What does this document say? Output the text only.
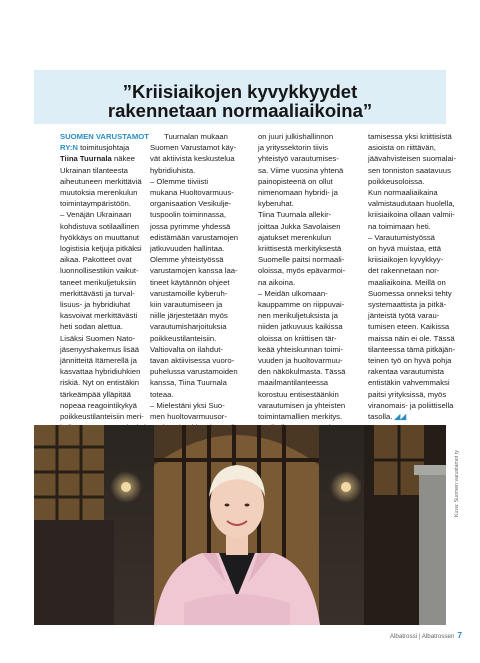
”Kriisiaikojen kyvykkyydet
rakennetaan normaaliaikoina”

SUOMEN VARUSTAMOT

RY:N toimitusjohtaja

Tiina Tuurnala näkee

Ukrainan tilanteesta

aiheutuneen merkittäviä

muutoksia merenkulun

toimintaympäristöön.

– Venäjän Ukrainaan

kohdistuva sotilaallinen

hyökkäys on muuttanut

logistisia ketjuja pitkäksi

aikaa. Pakotteet ovat

luonnollisestikin vaikut-

taneet merikuljetuksiin

merkittävästi ja turval-

lisuus- ja hybridiuhat

kasvoivat merkittävästi

heti sodan alettua.

Lisäksi Suomen Nato-

jäsenyyshakemus lisää

jännitteitä Itämerellä ja

kasvattaa hybridiuhkien

riskiä. Nyt on entistäkin

tärkeämpää ylläpitää

nopeaa reagointikykyä

poikkeustilanteisiin meri-

Tuurnalan mukaan

Suomen Varustamot käy-

vät aktiivista keskustelua

hybridiuhista.

– Olemme tiiviisti

mukana Huoltovarmuus-

organisaation Vesikulje-

tuspoolin toiminnassa,

jossa pyrimme yhdessä

edistämään varustamojen

jatkuvuuden hallintaa.

Olemme yhteistyössä

varustamojen kanssa laa-

tineet käytännön ohjeet

varustamoille kyberuh-

kiin varautumiseen ja

niille järjestetään myös

varautumisharjoituksia

poikkeustilanteisiin.

Valtiovalta on ilahdut-

tavan aktiivisessa vuoro-

puhelussa varustamoiden

kanssa, Tiina Tuurnala

toteaa.

– Mielestäni yksi Suo-

men huoltovarmuusor-

on juuri julkishallinnon

ja yrityssektorin tiivis

yhteistyö varautumises-

sa. Viime vuosina yhtenä

painopisteenä on ollut

nimenomaan hybridi- ja

kyberuhat.

Tiina Tuurnala allekir-

joittaa Jukka Savolaisen

ajatukset merenkulun

kriittisestä merkityksestä

Suomelle paitsi normaali-

oloissa, myös epävarmoi-

na aikoina.

– Meidän ulkomaan-

kauppamme on riippuvai-

nen merikuljetuksista ja

niiden jatkuvuus kaikissa

oloissa on kriittisen tär-

keää yhteiskunnan toimi-

vuuden ja huoltovarmuu-

den näkökulmasta. Tässä

maailmantilanteessa

korostuu entisestäänkin

varautumisen ja yhteisten

toimintamallien merkitys.

tamisessa yksi kriittisistä

asioista on riittävän,

jäävahvisteisen suomalai-

sen tonniston saatavuus

poikkeusoloissa.

Kun normaaliaikaina

valmistaudutaan huolella,

kriisiaikoina ollaan valmii-

na toimimaan heti.

– Varautumistyössä

on hyvä muistaa, että

kriisiaikojen kyvykkyy-

det rakennetaan nor-

maaliaikoina. Meillä on

Suomessa onneksi tehty

systemaattista ja pitkä-

jänteistä työtä varau-

tumisen eteen. Kaikissa

maissa näin ei ole. Tässä

tilanteessa tämä pitkäjän-

teinen työ on hyvä pohja

rakentaa varautumista

entistäkin vahvemmaksi

paitsi yrityksissä, myös

viranomais- ja poliittisella

tasolla. ◢◢

Kuva: Suomen varustamot ry
Albatrossi | Albatrossen 7
